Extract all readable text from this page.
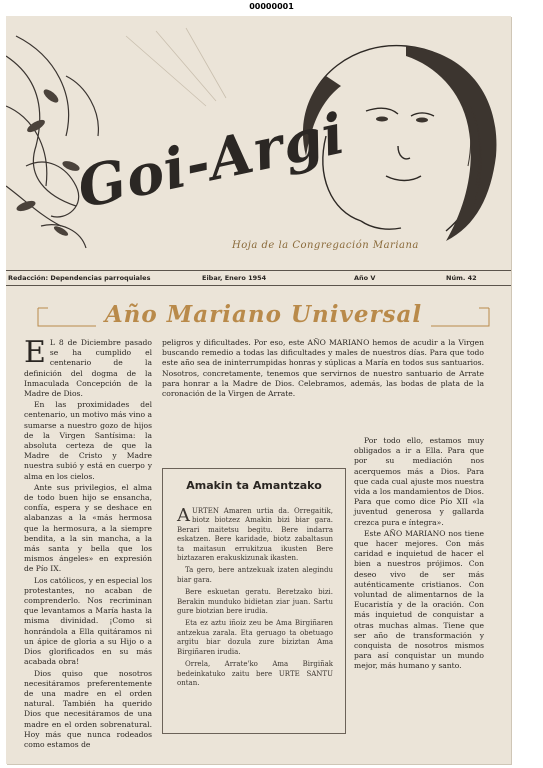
00000001
Goi-Argi
Hoja de la Congregación Mariana
Redacción: Dependencias parroquiales	Eibar, Enero 1954	Año V	Núm. 42
Año Mariano Universal

E L 8 de Diciembre pasado se ha cumplido el centenario de la definición del dogma de la Inmaculada Concepción de la Madre de Dios.

En las proximidades del centenario, un motivo más vino a sumarse a nuestro gozo de hijos de la Virgen Santísima: la absoluta certeza de que la Madre de Cristo y Madre nuestra subió y está en cuerpo y alma en los cielos.

Ante sus privilegios, el alma de todo buen hijo se ensancha, confía, espera y se deshace en alabanzas a la «más hermosa que la hermosura, a la siempre bendita, a la sin mancha, a la más santa y bella que los mismos ángeles» en expresión de Pío IX.

Los católicos, y en especial los protestantes, no acaban de comprenderlo. Nos recriminan que levantamos a María hasta la misma divinidad. ¡Como si honrándola a Ella quitáramos ni un ápice de gloria a su Hijo o a Dios glorificados en su más acabada obra!

Dios quiso que nosotros necesitáramos preferentemente de una madre en el orden natural. También ha querido Dios que necesitáramos de una madre en el orden sobrenatural. Hoy más que nunca rodeados como estamos de

peligros y dificultades. Por eso, este AÑO MARIANO hemos de acudir a la Virgen buscando remedio a todas las dificultades y males de nuestros días. Para que todo este año sea de ininterrumpidas honras y súplicas a María en todos sus santuarios. Nosotros, concretamente, tenemos que servirnos de nuestro santuario de Arrate para honrar a la Madre de Dios. Celebramos, además, las bodas de plata de la coronación de la Virgen de Arrate.

Por todo ello, estamos muy obligados a ir a Ella. Para que por su mediación nos acerquemos más a Dios. Para que cada cual ajuste mos nuestra vida a los mandamientos de Dios. Para que como dice Pío XII «la juventud generosa y gallarda crezca pura e íntegra».

Este AÑO MARIANO nos tiene que hacer mejores. Con más caridad e inquietud de hacer el bien a nuestros prójimos. Con deseo vivo de ser más auténticamente cristianos. Con voluntad de alimentarnos de la Eucaristía y de la oración. Con más inquietud de conquistar a otras muchas almas. Tiene que ser año de transformación y conquista de nosotros mismos para así conquistar un mundo mejor, más humano y santo.

Amakin ta Amantzako

AURTEN Amaren urtia da. Orregaitik, biotz biotzez Amakin bizi biar gara. Berari maitetsu begitu. Bere indarra eskatzen. Bere karidade, biotz zabaltasun ta maitasun errukitzua ikusten Bere biztazaren erakuskizunak ikasten.

Ta gero, bere antzekuak izaten alegindu biar gara.

Bere eskuetan geratu. Beretzako bizi. Berakin munduko bidietan ziar juan. Sartu gure biotzian bere irudia.

Eta ez aztu iñoiz zeu be Ama Birgiñaren antzekua zarala. Eta geruago ta obetuago argitu biar dozula zure biziztan Ama Birgiñaren irudia.

Orrela, Arrate'ko Ama Birgiñak bedeinkatuko zaitu bere URTE SANTU ontan.
